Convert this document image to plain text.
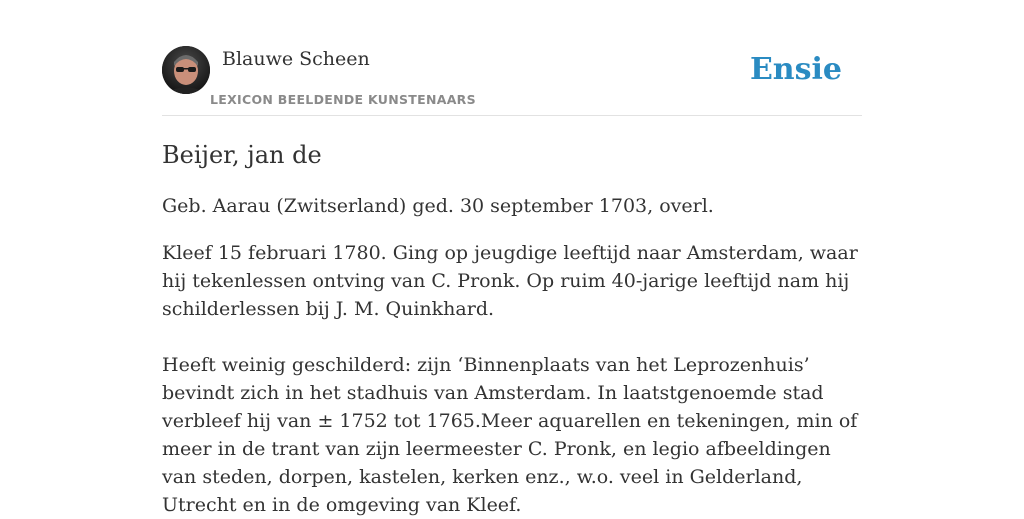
Blauwe Scheen
LEXICON BEELDENDE KUNSTENAARS
Ensie
Beijer, jan de

Geb. Aarau (Zwitserland) ged. 30 september 1703, overl.

Kleef 15 februari 1780. Ging op jeugdige leeftijd naar Amsterdam, waar hij tekenlessen ontving van C. Pronk. Op ruim 40-jarige leeftijd nam hij schilderlessen bij J. M. Quinkhard.

Heeft weinig geschilderd: zijn ‘Binnenplaats van het Leprozenhuis’ bevindt zich in het stadhuis van Amsterdam. In laatstgenoemde stad verbleef hij van ± 1752 tot 1765.Meer aquarellen en tekeningen, min of meer in de trant van zijn leermeester C. Pronk, en legio afbeeldingen van steden, dorpen, kastelen, kerken enz., w.o. veel in Gelderland, Utrecht en in de omgeving van Kleef.
